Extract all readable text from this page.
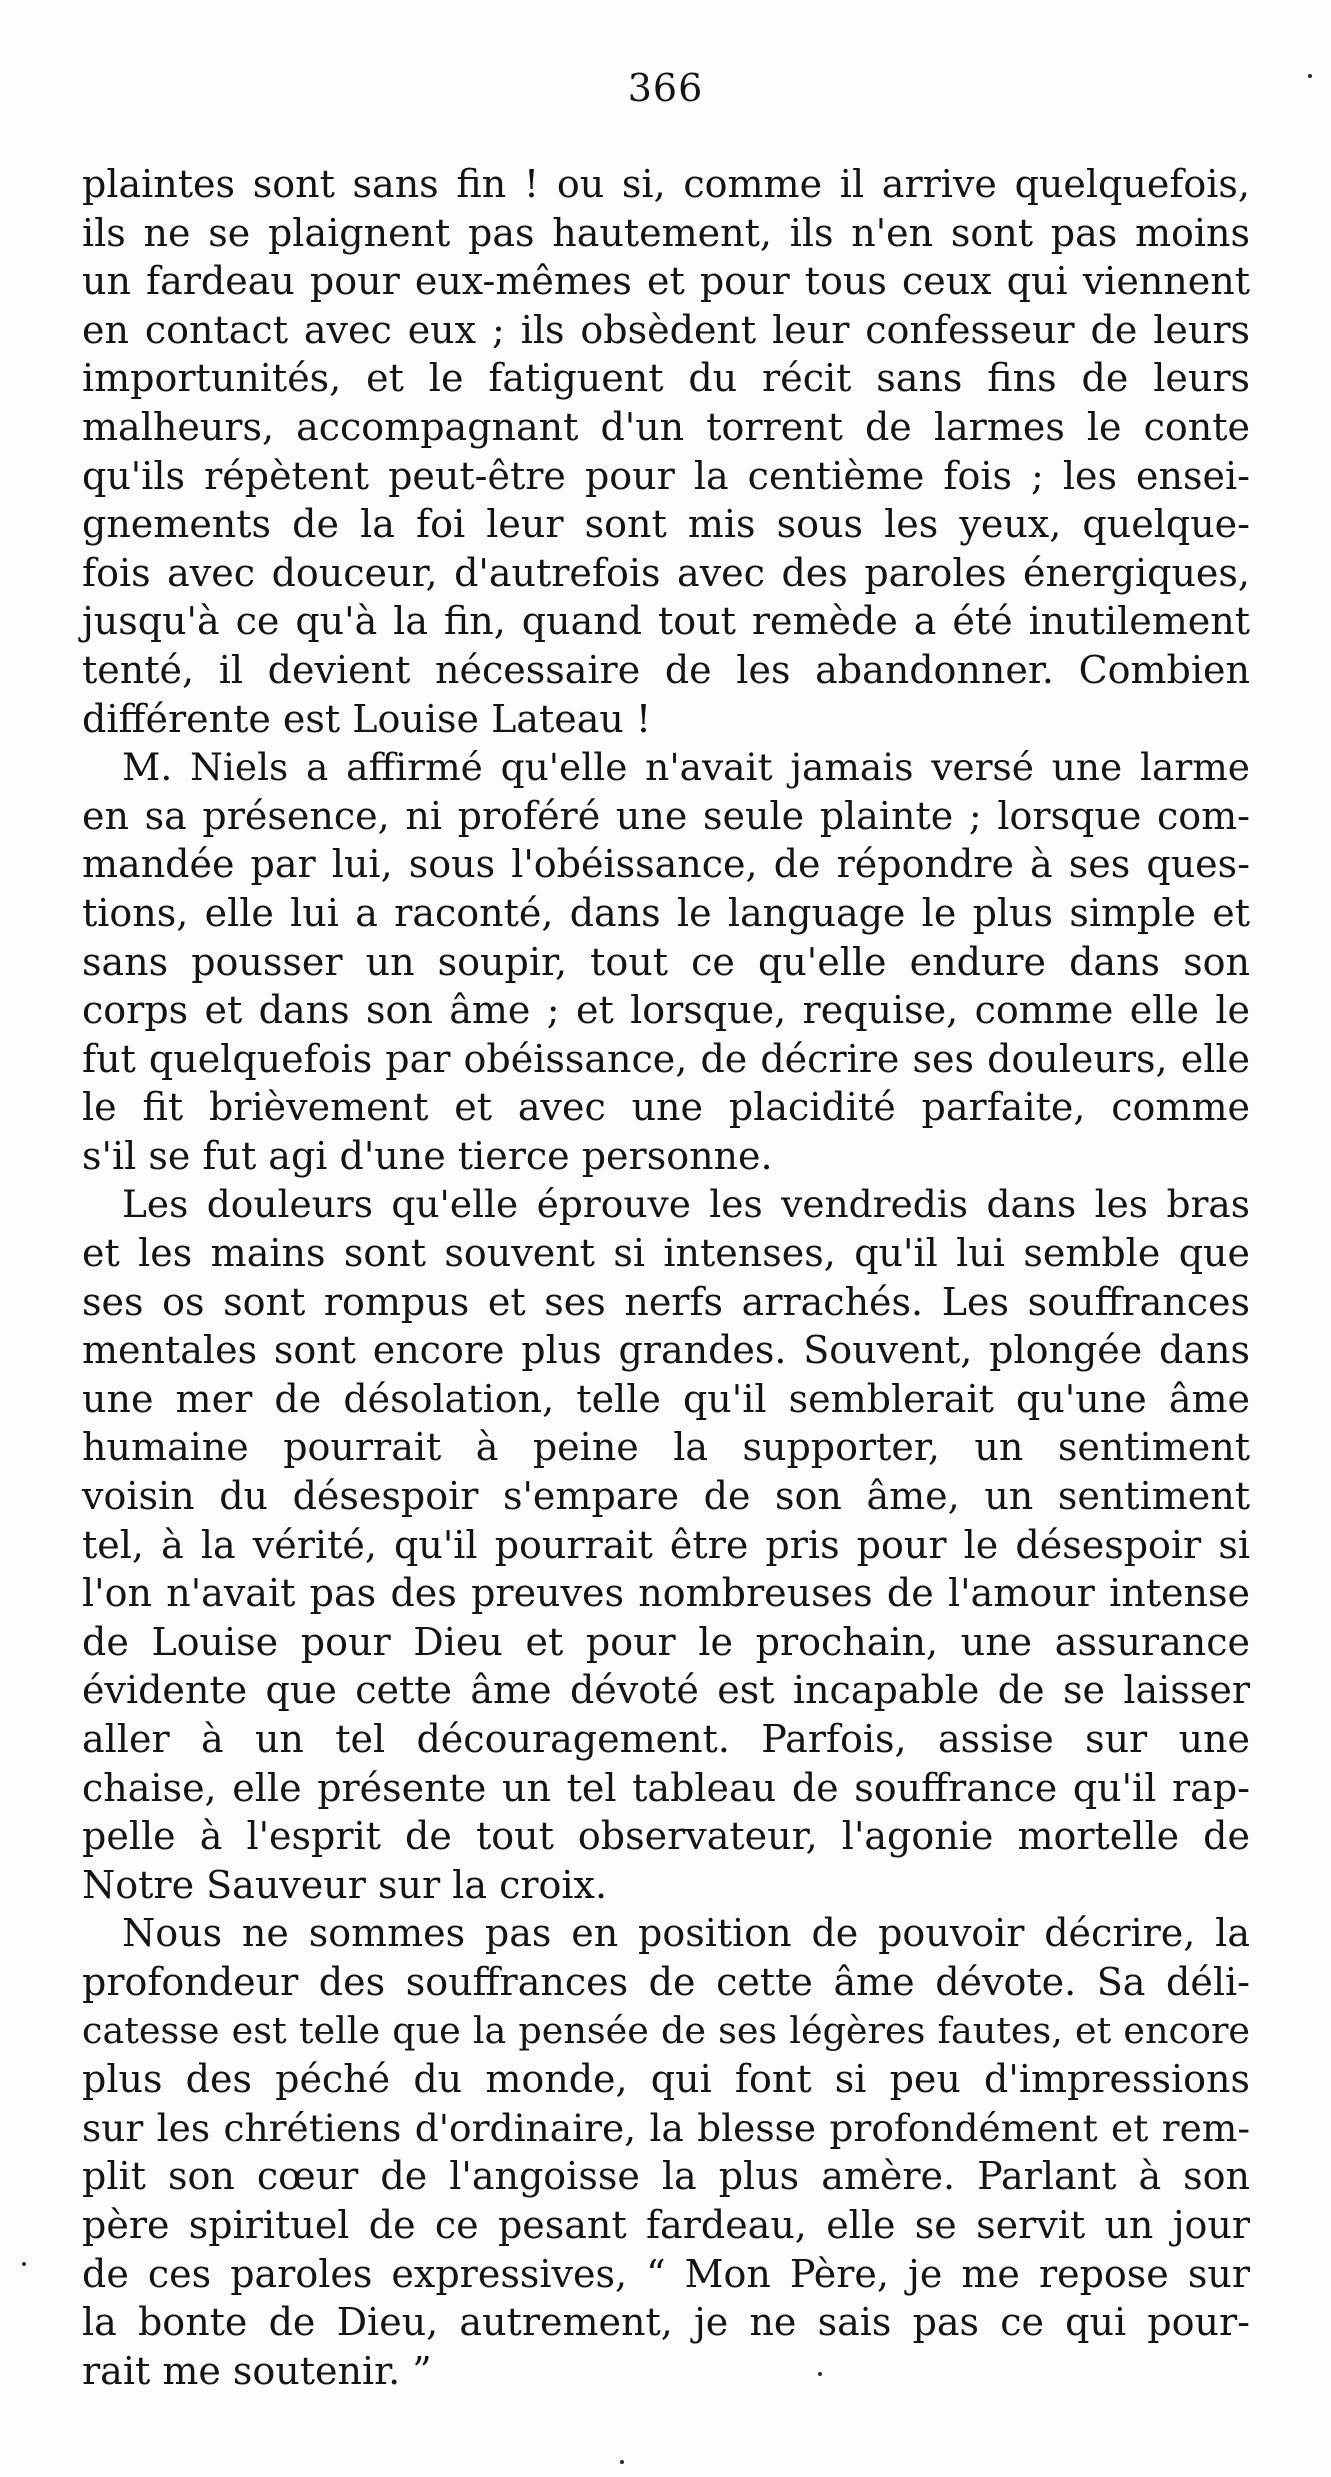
366
plaintes sont sans fin ! ou si, comme il arrive quelquefois,
ils ne se plaignent pas hautement, ils n'en sont pas moins
un fardeau pour eux-mêmes et pour tous ceux qui viennent
en contact avec eux ; ils obsèdent leur confesseur de leurs
importunités, et le fatiguent du récit sans fins de leurs
malheurs, accompagnant d'un torrent de larmes le conte
qu'ils répètent peut-être pour la centième fois ; les ensei-
gnements de la foi leur sont mis sous les yeux, quelque-
fois avec douceur, d'autrefois avec des paroles énergiques,
jusqu'à ce qu'à la fin, quand tout remède a été inutilement
tenté, il devient nécessaire de les abandonner. Combien
différente est Louise Lateau !
M. Niels a affirmé qu'elle n'avait jamais versé une larme
en sa présence, ni proféré une seule plainte ; lorsque com-
mandée par lui, sous l'obéissance, de répondre à ses ques-
tions, elle lui a raconté, dans le language le plus simple et
sans pousser un soupir, tout ce qu'elle endure dans son
corps et dans son âme ; et lorsque, requise, comme elle le
fut quelquefois par obéissance, de décrire ses douleurs, elle
le fit brièvement et avec une placidité parfaite, comme
s'il se fut agi d'une tierce personne.
Les douleurs qu'elle éprouve les vendredis dans les bras
et les mains sont souvent si intenses, qu'il lui semble que
ses os sont rompus et ses nerfs arrachés. Les souffrances
mentales sont encore plus grandes. Souvent, plongée dans
une mer de désolation, telle qu'il semblerait qu'une âme
humaine pourrait à peine la supporter, un sentiment
voisin du désespoir s'empare de son âme, un sentiment
tel, à la vérité, qu'il pourrait être pris pour le désespoir si
l'on n'avait pas des preuves nombreuses de l'amour intense
de Louise pour Dieu et pour le prochain, une assurance
évidente que cette âme dévoté est incapable de se laisser
aller à un tel découragement. Parfois, assise sur une
chaise, elle présente un tel tableau de souffrance qu'il rap-
pelle à l'esprit de tout observateur, l'agonie mortelle de
Notre Sauveur sur la croix.
Nous ne sommes pas en position de pouvoir décrire, la
profondeur des souffrances de cette âme dévote. Sa déli-
catesse est telle que la pensée de ses légères fautes, et encore
plus des péché du monde, qui font si peu d'impressions
sur les chrétiens d'ordinaire, la blesse profondément et rem-
plit son cœur de l'angoisse la plus amère. Parlant à son
père spirituel de ce pesant fardeau, elle se servit un jour
de ces paroles expressives, “ Mon Père, je me repose sur
la bonte de Dieu, autrement, je ne sais pas ce qui pour-
rait me soutenir. ”
